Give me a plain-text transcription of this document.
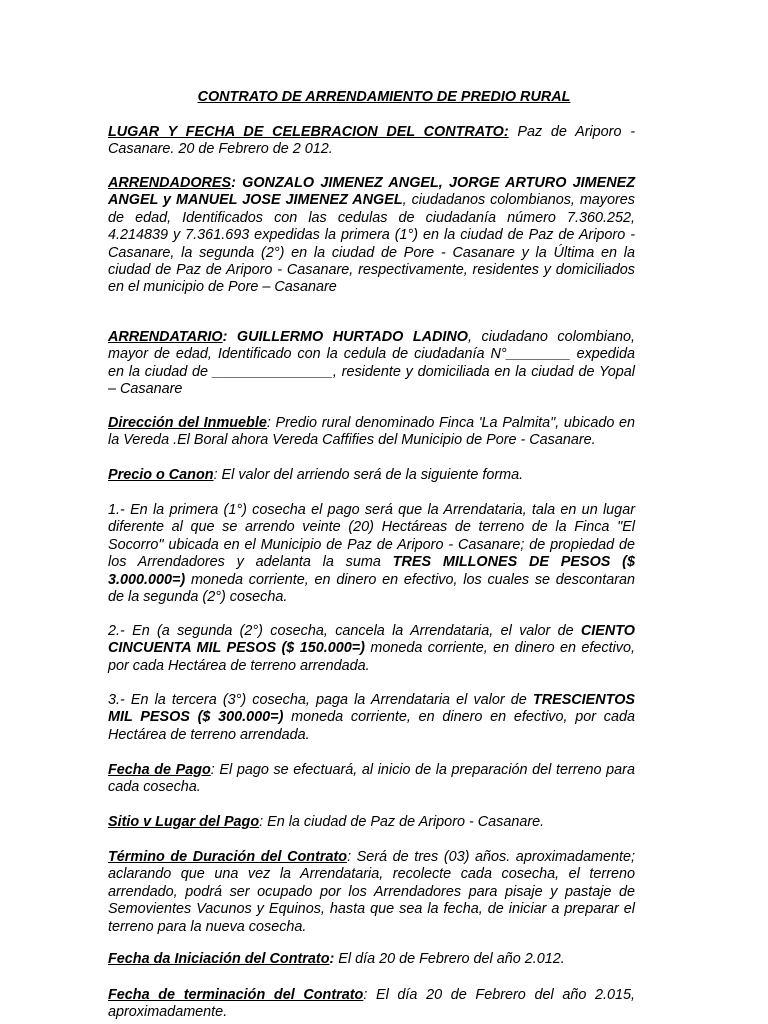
CONTRATO DE ARRENDAMIENTO DE PREDIO RURAL

LUGAR Y FECHA DE CELEBRACION DEL CONTRATO: Paz de Ariporo - Casanare. 20 de Febrero de 2 012.

ARRENDADORES: GONZALO JIMENEZ ANGEL, JORGE ARTURO JIMENEZ ANGEL y MANUEL JOSE JIMENEZ ANGEL, ciudadanos colombianos, mayores de edad, Identificados con las cedulas de ciudadanía número 7.360.252, 4.214839 y 7.361.693 expedidas la primera (1°) en la ciudad de Paz de Ariporo - Casanare, la segunda (2°) en la ciudad de Pore - Casanare y la Última en la ciudad de Paz de Ariporo - Casanare, respectivamente, residentes y domiciliados en el municipio de Pore – Casanare

ARRENDATARIO: GUILLERMO HURTADO LADINO, ciudadano colombiano, mayor de edad, Identificado con la cedula de ciudadanía N°________ expedida en la ciudad de _______________, residente y domiciliada en la ciudad de Yopal – Casanare

Dirección del Inmueble: Predio rural denominado Finca 'La Palmita", ubicado en la Vereda .El Boral ahora Vereda Caffifies del Municipio de Pore - Casanare.

Precio o Canon: El valor del arriendo será de la siguiente forma.

1.- En la primera (1°) cosecha el pago será que la Arrendataria, tala en un lugar diferente al que se arrendo veinte (20) Hectáreas de terreno de la Finca "El Socorro" ubicada en el Municipio de Paz de Ariporo - Casanare; de propiedad de los Arrendadores y adelanta la suma TRES MILLONES DE PESOS ($ 3.000.000=) moneda corriente, en dinero en efectivo, los cuales se descontaran de la segunda (2°) cosecha.

2.- En (a segunda (2°) cosecha, cancela la Arrendataria, el valor de CIENTO CINCUENTA MIL PESOS ($ 150.000=) moneda corriente, en dinero en efectivo, por cada Hectárea de terreno arrendada.

3.- En la tercera (3°) cosecha, paga la Arrendataria el valor de TRESCIENTOS MIL PESOS ($ 300.000=) moneda corriente, en dinero en efectivo, por cada Hectárea de terreno arrendada.

Fecha de Pago: El pago se efectuará, al inicio de la preparación del terreno para cada cosecha.

Sitio v Lugar del Pago: En la ciudad de Paz de Ariporo - Casanare.

Término de Duración del Contrato: Será de tres (03) años. aproximadamente; aclarando que una vez la Arrendataria, recolecte cada cosecha, el terreno arrendado, podrá ser ocupado por los Arrendadores para pisaje y pastaje de Semovientes Vacunos y Equinos, hasta que sea la fecha, de iniciar a preparar el terreno para la nueva cosecha.

Fecha da Iniciación del Contrato: El día 20 de Febrero del año 2.012.

Fecha de terminación del Contrato: El día 20 de Febrero del año 2.015, aproximadamente.
